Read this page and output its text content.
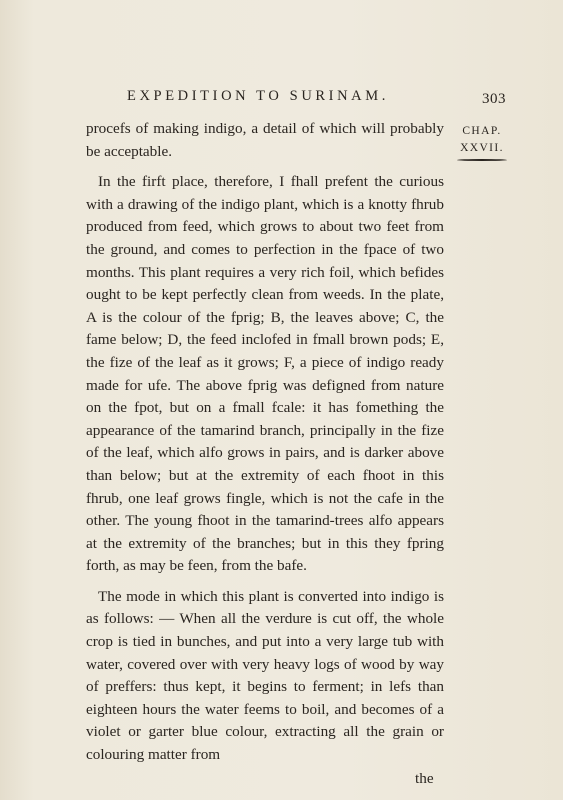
EXPEDITION TO SURINAM.	303
CHAP.
XXVII.

procefs of making indigo, a detail of which will probably be acceptable.

In the firft place, therefore, I fhall prefent the curious with a drawing of the indigo plant, which is a knotty fhrub produced from feed, which grows to about two feet from the ground, and comes to perfection in the fpace of two months. This plant requires a very rich foil, which befides ought to be kept perfectly clean from weeds. In the plate, A is the colour of the fprig; B, the leaves above; C, the fame below; D, the feed inclofed in fmall brown pods; E, the fize of the leaf as it grows; F, a piece of indigo ready made for ufe. The above fprig was defigned from nature on the fpot, but on a fmall fcale: it has fomething the appearance of the tamarind branch, principally in the fize of the leaf, which alfo grows in pairs, and is darker above than below; but at the extremity of each fhoot in this fhrub, one leaf grows fingle, which is not the cafe in the other. The young fhoot in the tamarind-trees alfo appears at the extremity of the branches; but in this they fpring forth, as may be feen, from the bafe.

The mode in which this plant is converted into indigo is as follows: — When all the verdure is cut off, the whole crop is tied in bunches, and put into a very large tub with water, covered over with very heavy logs of wood by way of preffers: thus kept, it begins to ferment; in lefs than eighteen hours the water feems to boil, and becomes of a violet or garter blue colour, extracting all the grain or colouring matter from

the
